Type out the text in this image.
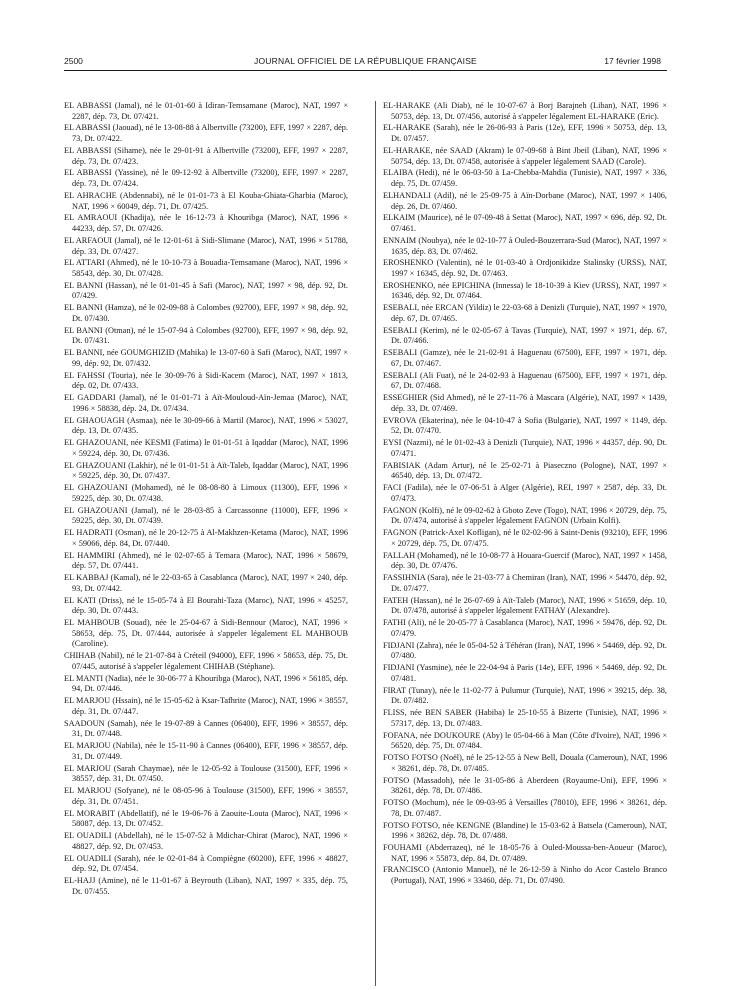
2500	JOURNAL OFFICIEL DE LA RÉPUBLIQUE FRANÇAISE	17 février 1998

EL ABBASSI (Jamal), né le 01-01-60 à Idiran-Temsamane (Maroc), NAT, 1997 × 2287, dép. 73, Dt. 07/421.

EL ABBASSI (Jaouad), né le 13-08-88 à Albertville (73200), EFF, 1997 × 2287, dép. 73, Dt. 07/422.

EL ABBASSI (Sihame), née le 29-01-91 à Albertville (73200), EFF, 1997 × 2287, dép. 73, Dt. 07/423.

EL ABBASSI (Yassine), né le 09-12-92 à Albertville (73200), EFF, 1997 × 2287, dép. 73, Dt. 07/424.

EL AHRACHE (Abdennabi), né le 01-01-73 à El Kouba-Ghiata-Gharbia (Maroc), NAT, 1996 × 60049, dép. 71, Dt. 07/425.

EL AMRAOUI (Khadija), née le 16-12-73 à Khouribga (Maroc), NAT, 1996 × 44233, dép. 57, Dt. 07/426.

EL ARFAOUI (Jamal), né le 12-01-61 à Sidi-Slimane (Maroc), NAT, 1996 × 51788, dép. 33, Dt. 07/427.

EL ATTARI (Ahmed), né le 10-10-73 à Bouadia-Temsamane (Maroc), NAT, 1996 × 58543, dép. 30, Dt. 07/428.

EL BANNI (Hassan), né le 01-01-45 à Safi (Maroc), NAT, 1997 × 98, dép. 92, Dt. 07/429.

EL BANNI (Hamza), né le 02-09-88 à Colombes (92700), EFF, 1997 × 98, dép. 92, Dt. 07/430.

EL BANNI (Otman), né le 15-07-94 à Colombes (92700), EFF, 1997 × 98, dép. 92, Dt. 07/431.

EL BANNI, née GOUMGHIZID (Mahika) le 13-07-60 à Safi (Maroc), NAT, 1997 × 99, dép. 92, Dt. 07/432.

EL FAHSSI (Touria), née le 30-09-76 à Sidi-Kacem (Maroc), NAT, 1997 × 1813, dép. 02, Dt. 07/433.

EL GADDARI (Jamal), né le 01-01-71 à Aït-Mouloud-Aïn-Jemaa (Maroc), NAT, 1996 × 58838, dép. 24, Dt. 07/434.

EL GHAOUAGH (Asmaa), née le 30-09-66 à Martil (Maroc), NAT, 1996 × 53027, dép. 13, Dt. 07/435.

EL GHAZOUANI, née KESMI (Fatima) le 01-01-51 à Iqaddar (Maroc), NAT, 1996 × 59224, dép. 30, Dt. 07/436.

EL GHAZOUANI (Lakhir), né le 01-01-51 à Aït-Taleb, Iqaddar (Maroc), NAT, 1996 × 59225, dép. 30, Dt. 07/437.

EL GHAZOUANI (Mohamed), né le 08-08-80 à Limoux (11300), EFF, 1996 × 59225, dép. 30, Dt. 07/438.

EL GHAZOUANI (Jamal), né le 28-03-85 à Carcassonne (11000), EFF, 1996 × 59225, dép. 30, Dt. 07/439.

EL HADRATI (Osman), né le 20-12-75 à Al-Makhzen-Ketama (Maroc), NAT, 1996 × 59066, dép. 84, Dt. 07/440.

EL HAMMIRI (Ahmed), né le 02-07-65 à Temara (Maroc), NAT, 1996 × 58679, dép. 57, Dt. 07/441.

EL KABBAJ (Kamal), né le 22-03-65 à Casablanca (Maroc), NAT, 1997 × 240, dép. 93, Dt. 07/442.

EL KATI (Driss), né le 15-05-74 à El Bourahi-Taza (Maroc), NAT, 1996 × 45257, dép. 30, Dt. 07/443.

EL MAHBOUB (Souad), née le 25-04-67 à Sidi-Bennour (Maroc), NAT, 1996 × 58653, dép. 75, Dt. 07/444, autorisée à s'appeler légalement EL MAHBOUB (Caroline).

CHIHAB (Nabil), né le 21-07-84 à Créteil (94000), EFF, 1996 × 58653, dép. 75, Dt. 07/445, autorisé à s'appeler légalement CHIHAB (Stéphane).

EL MANTI (Nadia), née le 30-06-77 à Khouribga (Maroc), NAT, 1996 × 56185, dép. 94, Dt. 07/446.

EL MARJOU (Hssain), né le 15-05-62 à Ksar-Tafhrite (Maroc), NAT, 1996 × 38557, dép. 31, Dt. 07/447.

SAADOUN (Samah), née le 19-07-89 à Cannes (06400), EFF, 1996 × 38557, dép. 31, Dt. 07/448.

EL MARJOU (Nabila), née le 15-11-90 à Cannes (06400), EFF, 1996 × 38557, dép. 31, Dt. 07/449.

EL MARJOU (Sarah Chaymae), née le 12-05-92 à Toulouse (31500), EFF, 1996 × 38557, dép. 31, Dt. 07/450.

EL MARJOU (Sofyane), né le 08-05-96 à Toulouse (31500), EFF, 1996 × 38557, dép. 31, Dt. 07/451.

EL MORABIT (Abdellatif), né le 19-06-76 à Zaouite-Louta (Maroc), NAT, 1996 × 58087, dép. 13, Dt. 07/452.

EL OUADILI (Abdellah), né le 15-07-52 à Mdichar-Chirat (Maroc), NAT, 1996 × 48827, dép. 92, Dt. 07/453.

EL OUADILI (Sarah), née le 02-01-84 à Compiègne (60200), EFF, 1996 × 48827, dép. 92, Dt. 07/454.

EL-HAJJ (Amine), né le 11-01-67 à Beyrouth (Liban), NAT, 1997 × 335, dép. 75, Dt. 07/455.

EL-HARAKE (Ali Diab), né le 10-07-67 à Borj Barajneh (Liban), NAT, 1996 × 50753, dép. 13, Dt. 07/456, autorisé à s'appeler légalement EL-HARAKE (Eric).

EL-HARAKE (Sarah), née le 26-06-93 à Paris (12e), EFF, 1996 × 50753, dép. 13, Dt. 07/457.

EL-HARAKE, née SAAD (Akram) le 07-09-68 à Bint Jbeil (Liban), NAT, 1996 × 50754, dép. 13, Dt. 07/458, autorisée à s'appeler légalement SAAD (Carole).

ELAIBA (Hedi), né le 06-03-50 à La-Chebba-Mahdia (Tunisie), NAT, 1997 × 336, dép. 75, Dt. 07/459.

ELHANDALI (Adil), né le 25-09-75 à Aïn-Dorbane (Maroc), NAT, 1997 × 1406, dép. 26, Dt. 07/460.

ELKAIM (Maurice), né le 07-09-48 à Settat (Maroc), NAT, 1997 × 696, dép. 92, Dt. 07/461.

ENNAIM (Noubya), née le 02-10-77 à Ouled-Bouzerrara-Sud (Maroc), NAT, 1997 × 1635, dép. 83, Dt. 07/462.

EROSHENKO (Valentin), né le 01-03-40 à Ordjonikidze Stalinsky (URSS), NAT, 1997 × 16345, dép. 92, Dt. 07/463.

EROSHENKO, née EPICHINA (Innessa) le 18-10-39 à Kiev (URSS), NAT, 1997 × 16346, dép. 92, Dt. 07/464.

ESEBALI, née ERCAN (Yildiz) le 22-03-68 à Denizli (Turquie), NAT, 1997 × 1970, dép. 67, Dt. 07/465.

ESEBALI (Kerim), né le 02-05-67 à Tavas (Turquie), NAT, 1997 × 1971, dép. 67, Dt. 07/466.

ESEBALI (Gamze), née le 21-02-91 à Haguenau (67500), EFF, 1997 × 1971, dép. 67, Dt. 07/467.

ESEBALI (Ali Fuat), né le 24-02-93 à Haguenau (67500), EFF, 1997 × 1971, dép. 67, Dt. 07/468.

ESSEGHIER (Sid Ahmed), né le 27-11-76 à Mascara (Algérie), NAT, 1997 × 1439, dép. 33, Dt. 07/469.

EVROVA (Ekaterina), née le 04-10-47 à Sofia (Bulgarie), NAT, 1997 × 1149, dép. 52, Dt. 07/470.

EYSI (Nazmi), né le 01-02-43 à Denizli (Turquie), NAT, 1996 × 44357, dép. 90, Dt. 07/471.

FABISIAK (Adam Artur), né le 25-02-71 à Piaseczno (Pologne), NAT, 1997 × 46540, dép. 13, Dt. 07/472.

FACI (Fadila), née le 07-06-51 à Alger (Algérie), REI, 1997 × 2587, dép. 33, Dt. 07/473.

FAGNON (Kolfi), né le 09-02-62 à Gboto Zeve (Togo), NAT, 1996 × 20729, dép. 75, Dt. 07/474, autorisé à s'appeler légalement FAGNON (Urbain Kolfi).

FAGNON (Patrick-Axel Kofligan), né le 02-02-96 à Saint-Denis (93210), EFF, 1996 × 20729, dép. 75, Dt. 07/475.

FALLAH (Mohamed), né le 10-08-77 à Houara-Guercif (Maroc), NAT, 1997 × 1458, dép. 30, Dt. 07/476.

FASSIHNIA (Sara), née le 21-03-77 à Chemiran (Iran), NAT, 1996 × 54470, dép. 92, Dt. 07/477.

FATEH (Hassan), né le 26-07-69 à Aït-Taleb (Maroc), NAT, 1996 × 51659, dép. 10, Dt. 07/478, autorisé à s'appeler légalement FATHAY (Alexandre).

FATHI (Ali), né le 20-05-77 à Casablanca (Maroc), NAT, 1996 × 59476, dép. 92, Dt. 07/479.

FIDJANI (Zahra), née le 05-04-52 à Téhéran (Iran), NAT, 1996 × 54469, dép. 92, Dt. 07/480.

FIDJANI (Yasmine), née le 22-04-94 à Paris (14e), EFF, 1996 × 54469, dép. 92, Dt. 07/481.

FIRAT (Tunay), née le 11-02-77 à Pulumur (Turquie), NAT, 1996 × 39215, dép. 38, Dt. 07/482.

FLISS, née BEN SABER (Habiba) le 25-10-55 à Bizerte (Tunisie), NAT, 1996 × 57317, dép. 13, Dt. 07/483.

FOFANA, née DOUKOURE (Aby) le 05-04-66 à Man (Côte d'Ivoire), NAT, 1996 × 56520, dép. 75, Dt. 07/484.

FOTSO FOTSO (Noël), né le 25-12-55 à New Bell, Douala (Cameroun), NAT, 1996 × 38261, dép. 78, Dt. 07/485.

FOTSO (Massadoh), née le 31-05-86 à Aberdeen (Royaume-Uni), EFF, 1996 × 38261, dép. 78, Dt. 07/486.

FOTSO (Mochum), née le 09-03-95 à Versailles (78010), EFF, 1996 × 38261, dép. 78, Dt. 07/487.

FOTSO FOTSO, née KENGNE (Blandine) le 15-03-62 à Batsela (Cameroun), NAT, 1996 × 38262, dép. 78, Dt. 07/488.

FOUHAMI (Abderrazeq), né le 18-05-76 à Ouled-Moussa-ben-Aoueur (Maroc), NAT, 1996 × 55873, dép. 84, Dt. 07/489.

FRANCISCO (Antonio Manuel), né le 26-12-59 à Ninho do Acor Castelo Branco (Portugal), NAT, 1996 × 33460, dép. 71, Dt. 07/490.
